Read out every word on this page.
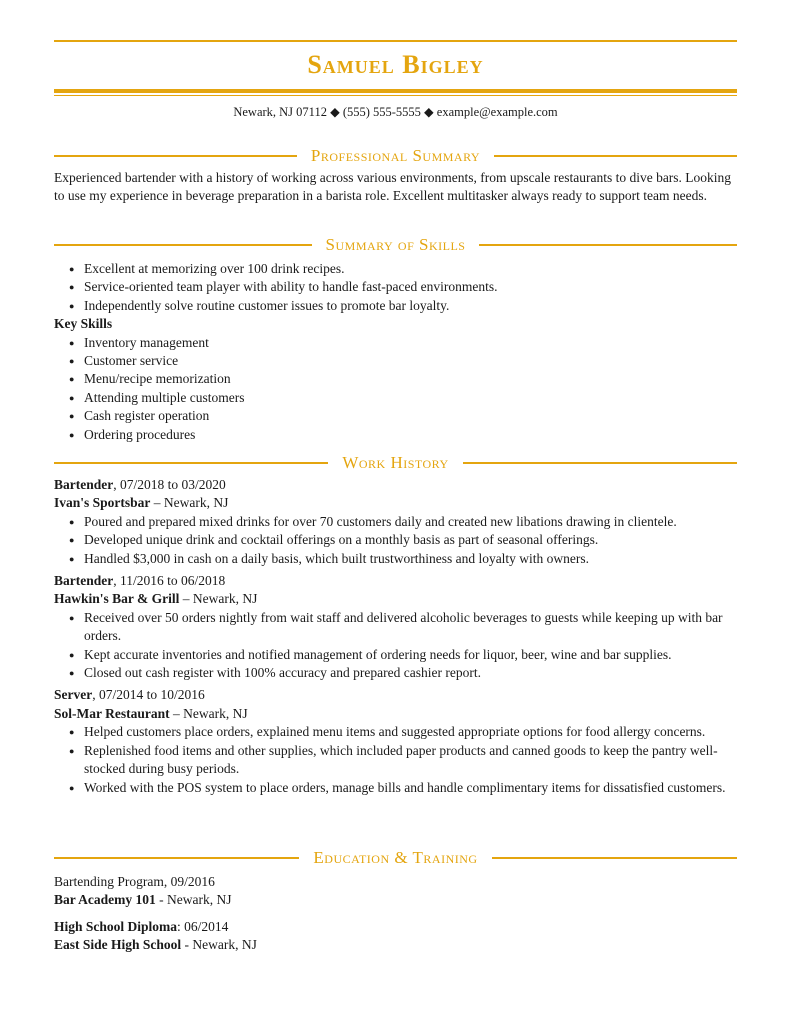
Samuel Bigley
Newark, NJ 07112 ◆ (555) 555-5555 ◆ example@example.com
Professional Summary
Experienced bartender with a history of working across various environments, from upscale restaurants to dive bars. Looking to use my experience in beverage preparation in a barista role. Excellent multitasker always ready to support team needs.
Summary of Skills
● Excellent at memorizing over 100 drink recipes.
● Service-oriented team player with ability to handle fast-paced environments.
● Independently solve routine customer issues to promote bar loyalty.
Key Skills
● Inventory management
● Customer service
● Menu/recipe memorization
● Attending multiple customers
● Cash register operation
● Ordering procedures
Work History
Bartender, 07/2018 to 03/2020
Ivan's Sportsbar – Newark, NJ
● Poured and prepared mixed drinks for over 70 customers daily and created new libations drawing in clientele.
● Developed unique drink and cocktail offerings on a monthly basis as part of seasonal offerings.
● Handled $3,000 in cash on a daily basis, which built trustworthiness and loyalty with owners.
Bartender, 11/2016 to 06/2018
Hawkin's Bar & Grill – Newark, NJ
● Received over 50 orders nightly from wait staff and delivered alcoholic beverages to guests while keeping up with bar orders.
● Kept accurate inventories and notified management of ordering needs for liquor, beer, wine and bar supplies.
● Closed out cash register with 100% accuracy and prepared cashier report.
Server, 07/2014 to 10/2016
Sol-Mar Restaurant – Newark, NJ
● Helped customers place orders, explained menu items and suggested appropriate options for food allergy concerns.
● Replenished food items and other supplies, which included paper products and canned goods to keep the pantry well-stocked during busy periods.
● Worked with the POS system to place orders, manage bills and handle complimentary items for dissatisfied customers.
Education & Training
Bartending Program, 09/2016
Bar Academy 101 - Newark, NJ
High School Diploma: 06/2014
East Side High School - Newark, NJ
